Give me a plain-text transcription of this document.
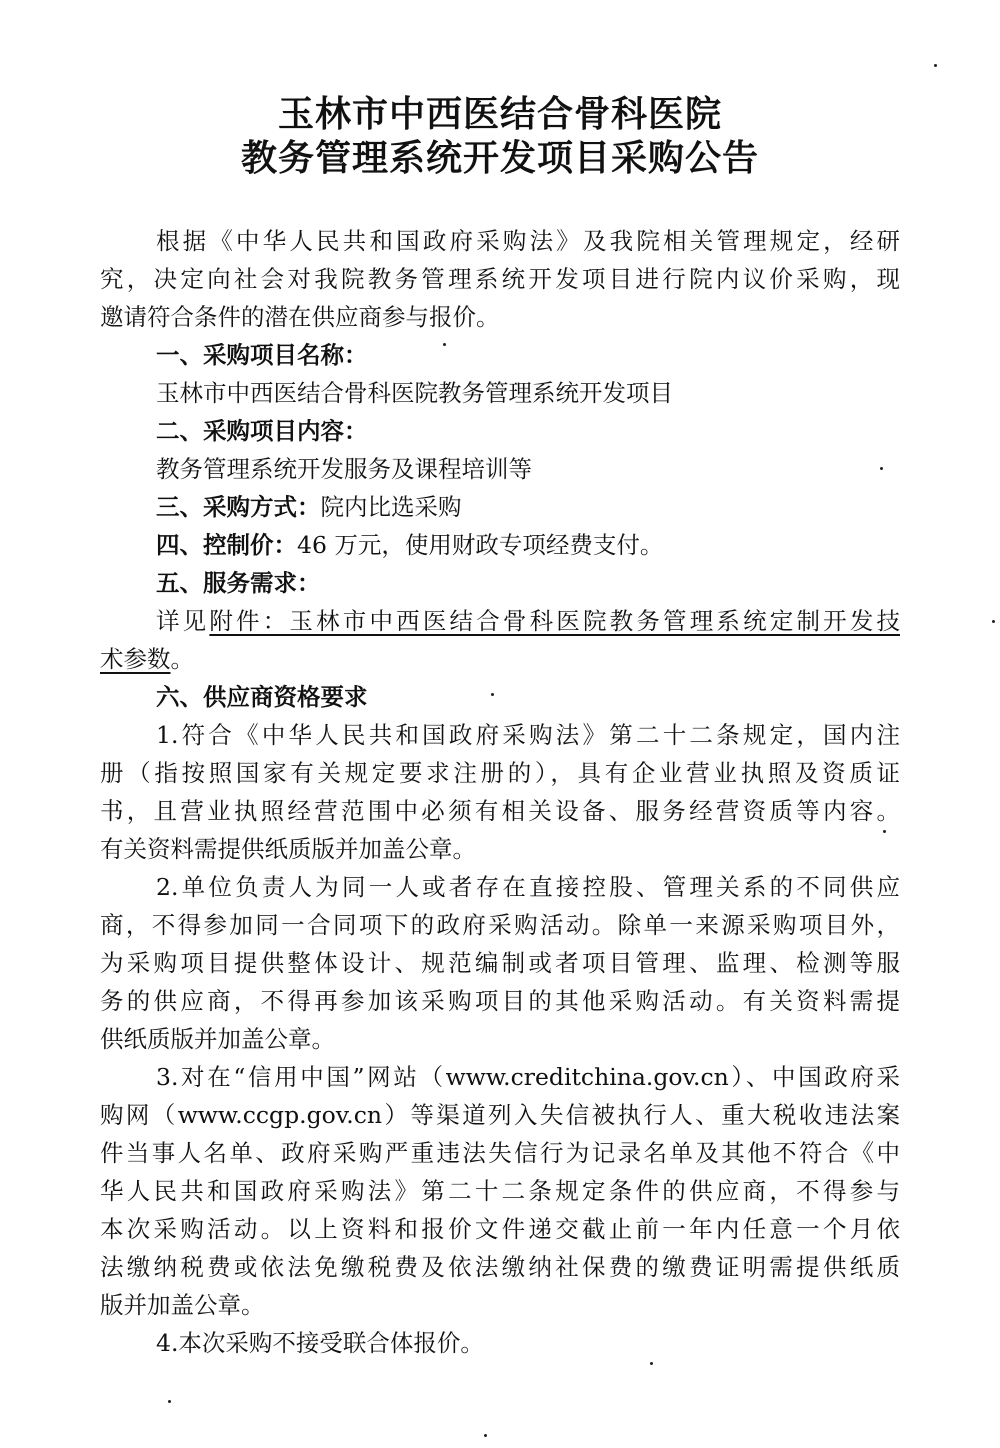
玉林市中西医结合骨科医院
教务管理系统开发项目采购公告
根据《中华人民共和国政府采购法》及我院相关管理规定，经研
究，决定向社会对我院教务管理系统开发项目进行院内议价采购，现
邀请符合条件的潜在供应商参与报价。
一、采购项目名称：
玉林市中西医结合骨科医院教务管理系统开发项目
二、采购项目内容：
教务管理系统开发服务及课程培训等
三、采购方式：院内比选采购
四、控制价：46 万元，使用财政专项经费支付。
五、服务需求：
详见附件：玉林市中西医结合骨科医院教务管理系统定制开发技
术参数。
六、供应商资格要求
1.符合《中华人民共和国政府采购法》第二十二条规定，国内注
册（指按照国家有关规定要求注册的），具有企业营业执照及资质证
书，且营业执照经营范围中必须有相关设备、服务经营资质等内容。
有关资料需提供纸质版并加盖公章。
2.单位负责人为同一人或者存在直接控股、管理关系的不同供应
商，不得参加同一合同项下的政府采购活动。除单一来源采购项目外，
为采购项目提供整体设计、规范编制或者项目管理、监理、检测等服
务的供应商，不得再参加该采购项目的其他采购活动。有关资料需提
供纸质版并加盖公章。
3.对在“信用中国”网站（www.creditchina.gov.cn）、中国政府采
购网（www.ccgp.gov.cn）等渠道列入失信被执行人、重大税收违法案
件当事人名单、政府采购严重违法失信行为记录名单及其他不符合《中
华人民共和国政府采购法》第二十二条规定条件的供应商，不得参与
本次采购活动。以上资料和报价文件递交截止前一年内任意一个月依
法缴纳税费或依法免缴税费及依法缴纳社保费的缴费证明需提供纸质
版并加盖公章。
4.本次采购不接受联合体报价。
